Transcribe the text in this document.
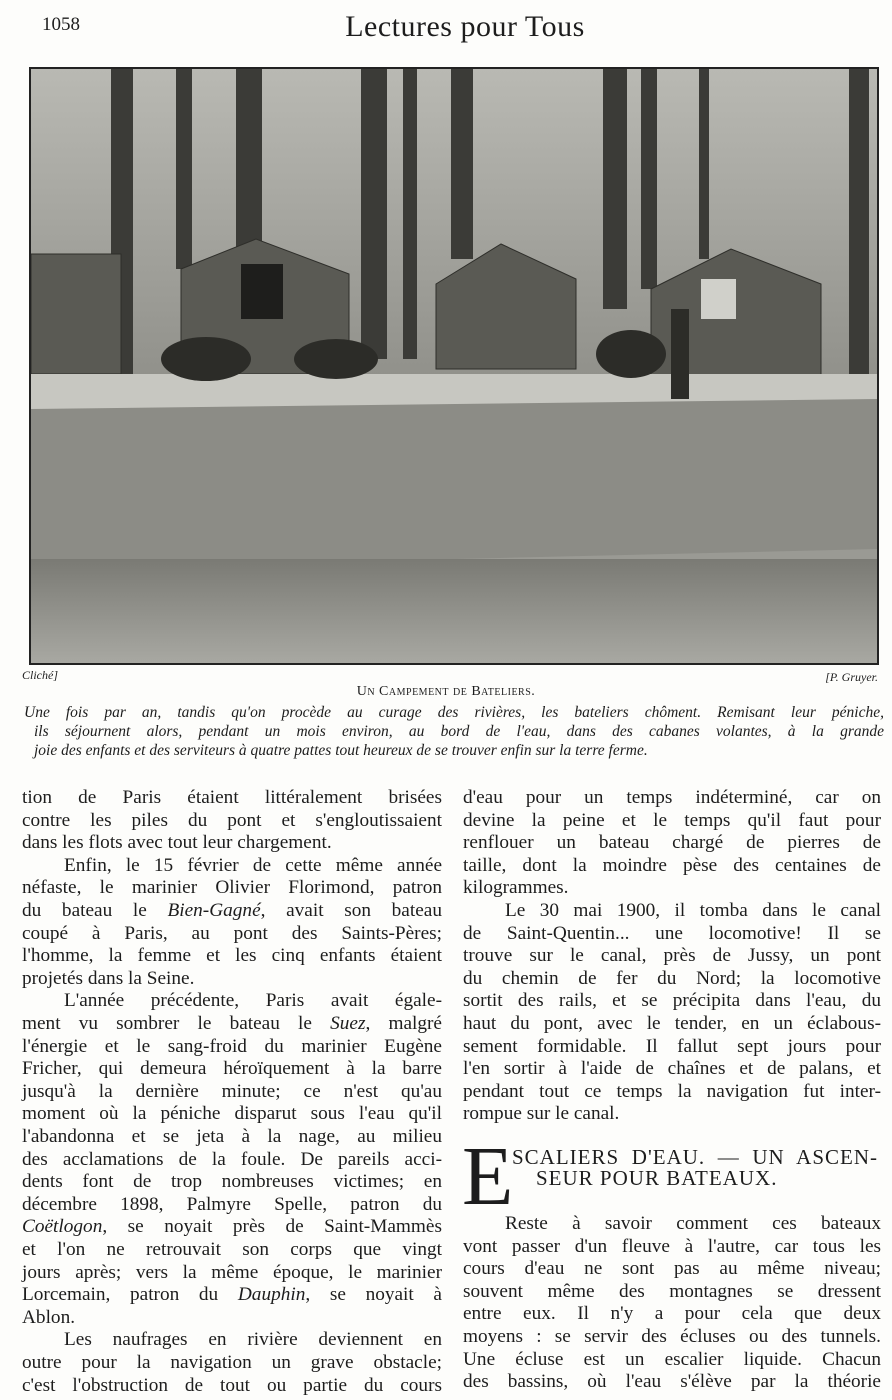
1058	Lectures pour Tous
Cliché]	[P. Gruyer.
Un Campement de Bateliers.
Une fois par an, tandis qu'on procède au curage des rivières, les bateliers chôment. Remisant leur péniche,
ils séjournent alors, pendant un mois environ, au bord de l'eau, dans des cabanes volantes, à la grande
joie des enfants et des serviteurs à quatre pattes tout heureux de se trouver enfin sur la terre ferme.
tion de Paris étaient littéralement brisées
contre les piles du pont et s'engloutissaient
dans les flots avec tout leur chargement.
Enfin, le 15 février de cette même année
néfaste, le marinier Olivier Florimond, patron
du bateau le Bien-Gagné, avait son bateau
coupé à Paris, au pont des Saints-Pères;
l'homme, la femme et les cinq enfants étaient
projetés dans la Seine.
L'année précédente, Paris avait égale-
ment vu sombrer le bateau le Suez, malgré
l'énergie et le sang-froid du marinier Eugène
Fricher, qui demeura héroïquement à la barre
jusqu'à la dernière minute; ce n'est qu'au
moment où la péniche disparut sous l'eau qu'il
l'abandonna et se jeta à la nage, au milieu
des acclamations de la foule. De pareils acci-
dents font de trop nombreuses victimes; en
décembre 1898, Palmyre Spelle, patron du
Coëtlogon, se noyait près de Saint-Mammès
et l'on ne retrouvait son corps que vingt
jours après; vers la même époque, le marinier
Lorcemain, patron du Dauphin, se noyait à
Ablon.
Les naufrages en rivière deviennent en
outre pour la navigation un grave obstacle;
c'est l'obstruction de tout ou partie du cours
d'eau pour un temps indéterminé, car on
devine la peine et le temps qu'il faut pour
renflouer un bateau chargé de pierres de
taille, dont la moindre pèse des centaines de
kilogrammes.
Le 30 mai 1900, il tomba dans le canal
de Saint-Quentin... une locomotive! Il se
trouve sur le canal, près de Jussy, un pont
du chemin de fer du Nord; la locomotive
sortit des rails, et se précipita dans l'eau, du
haut du pont, avec le tender, en un éclabous-
sement formidable. Il fallut sept jours pour
l'en sortir à l'aide de chaînes et de palans, et
pendant tout ce temps la navigation fut inter-
rompue sur le canal.
E
SCALIERS D'EAU. — UN ASCEN-
SEUR POUR BATEAUX.
Reste à savoir comment ces bateaux
vont passer d'un fleuve à l'autre, car tous les
cours d'eau ne sont pas au même niveau;
souvent même des montagnes se dressent
entre eux. Il n'y a pour cela que deux
moyens : se servir des écluses ou des tunnels.
Une écluse est un escalier liquide. Chacun
des bassins, où l'eau s'élève par la théorie
